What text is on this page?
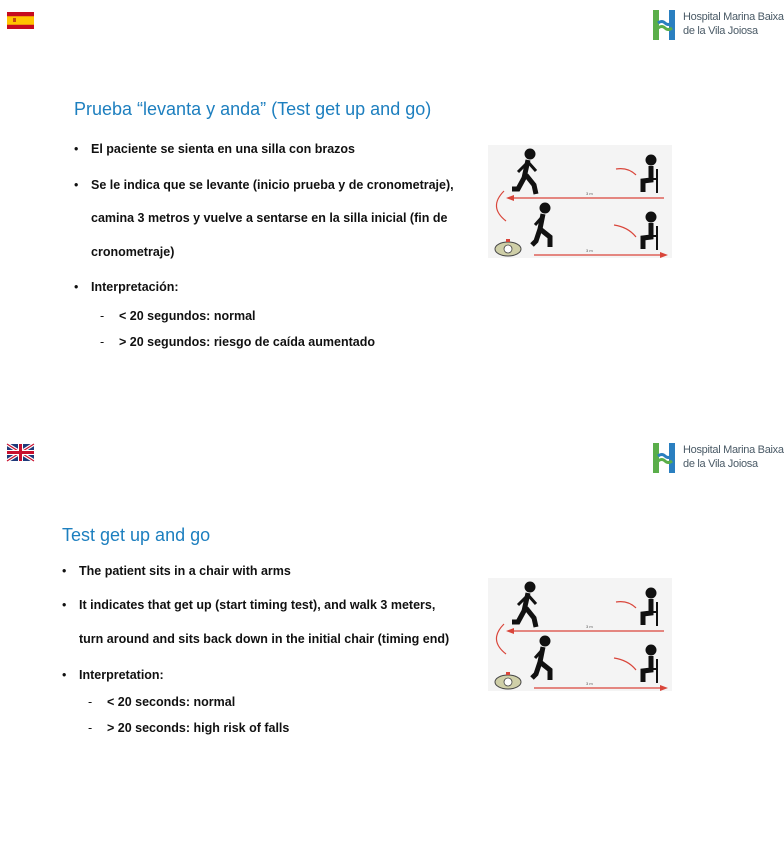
Hospital Marina Baixa
de la Vila Joiosa
Prueba “levanta y anda” (Test get up and go)
• El paciente se sienta en una silla con brazos
• Se le indica que se levante (inicio prueba y de cronometraje),
camina 3 metros y vuelve a sentarse en la silla inicial (fin de
cronometraje)
• Interpretación:
- < 20 segundos: normal
- > 20 segundos: riesgo de caída aumentado
3 m
3 m
Hospital Marina Baixa
de la Vila Joiosa
Test get up and go
• The patient sits in a chair with arms
• It indicates that get up (start timing test), and walk 3 meters,
turn around and sits back down in the initial chair (timing end)
• Interpretation:
- < 20 seconds: normal
- > 20 seconds: high risk of falls
3 m
3 m
